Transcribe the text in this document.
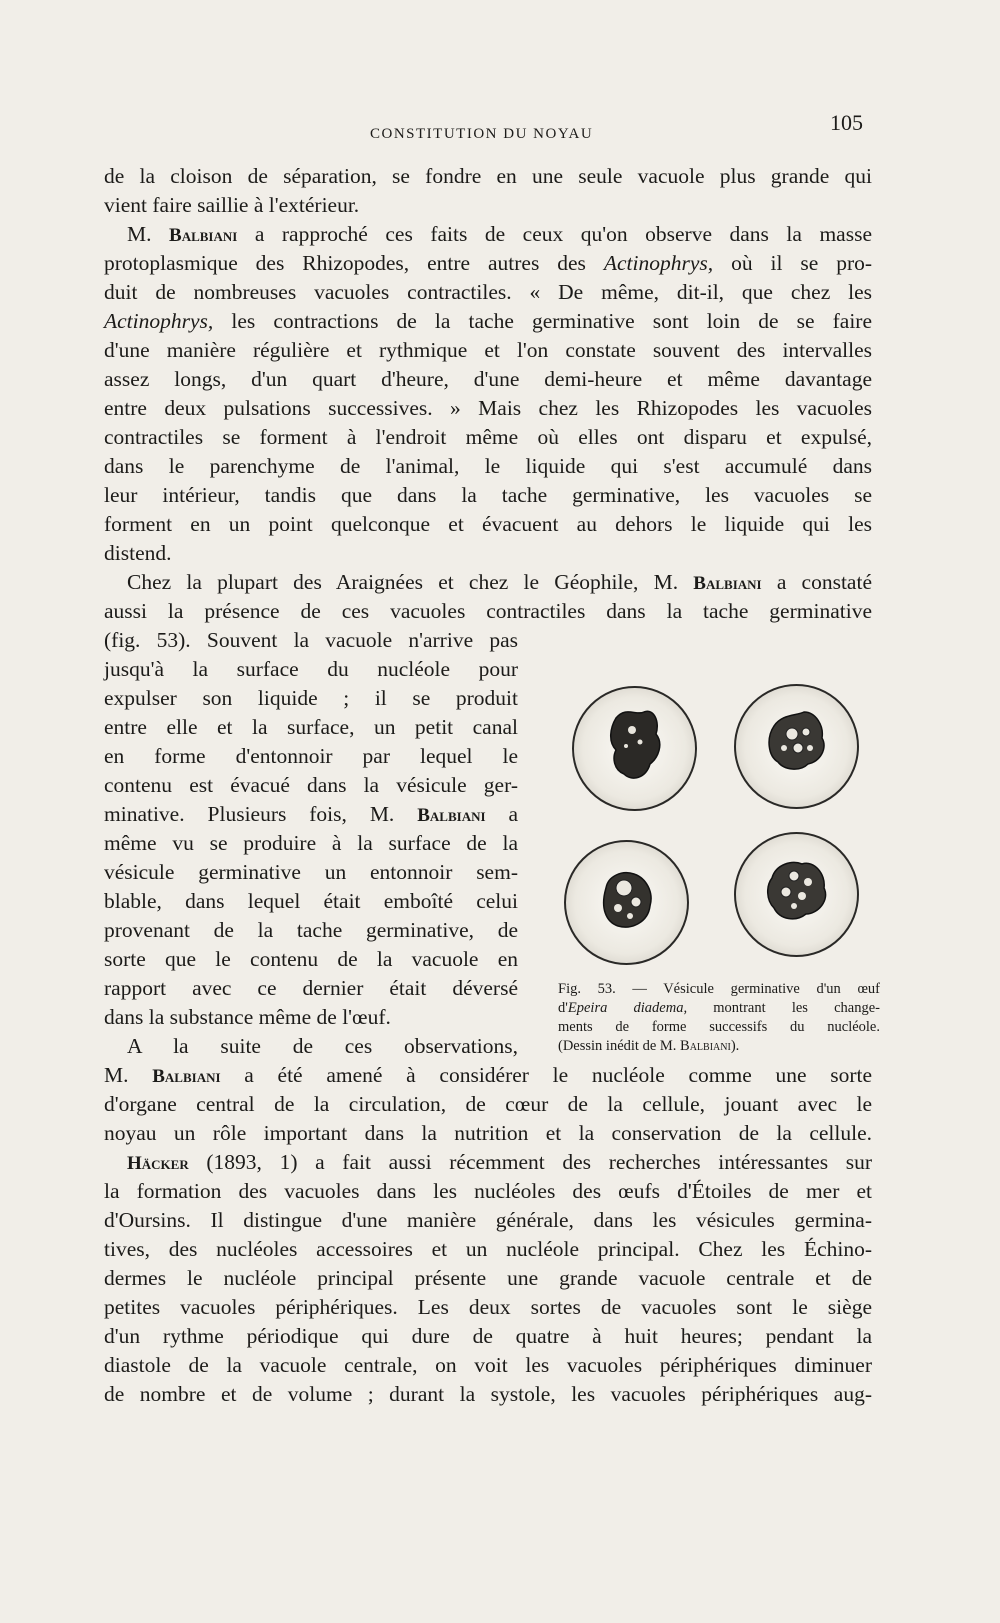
CONSTITUTION DU NOYAU	105
de la cloison de séparation, se fondre en une seule vacuole plus grande qui
vient faire saillie à l'extérieur.
M. Balbiani a rapproché ces faits de ceux qu'on observe dans la masse
protoplasmique des Rhizopodes, entre autres des Actinophrys, où il se pro-
duit de nombreuses vacuoles contractiles. « De même, dit-il, que chez les
Actinophrys, les contractions de la tache germinative sont loin de se faire
d'une manière régulière et rythmique et l'on constate souvent des intervalles
assez longs, d'un quart d'heure, d'une demi-heure et même davantage
entre deux pulsations successives. » Mais chez les Rhizopodes les vacuoles
contractiles se forment à l'endroit même où elles ont disparu et expulsé,
dans le parenchyme de l'animal, le liquide qui s'est accumulé dans
leur intérieur, tandis que dans la tache germinative, les vacuoles se
forment en un point quelconque et évacuent au dehors le liquide qui les
distend.
Chez la plupart des Araignées et chez le Géophile, M. Balbiani a constaté
aussi la présence de ces vacuoles contractiles dans la tache germinative
(fig. 53). Souvent la vacuole n'arrive pas
jusqu'à la surface du nucléole pour
expulser son liquide ; il se produit
entre elle et la surface, un petit canal
en forme d'entonnoir par lequel le
contenu est évacué dans la vésicule ger-
minative. Plusieurs fois, M. Balbiani a
même vu se produire à la surface de la
vésicule germinative un entonnoir sem-
blable, dans lequel était emboîté celui
provenant de la tache germinative, de
sorte que le contenu de la vacuole en
rapport avec ce dernier était déversé
dans la substance même de l'œuf.
A la suite de ces observations,
M. Balbiani a été amené à considérer le nucléole comme une sorte
d'organe central de la circulation, de cœur de la cellule, jouant avec le
noyau un rôle important dans la nutrition et la conservation de la cellule.
Häcker (1893, 1) a fait aussi récemment des recherches intéressantes sur
la formation des vacuoles dans les nucléoles des œufs d'Étoiles de mer et
d'Oursins. Il distingue d'une manière générale, dans les vésicules germina-
tives, des nucléoles accessoires et un nucléole principal. Chez les Échino-
dermes le nucléole principal présente une grande vacuole centrale et de
petites vacuoles périphériques. Les deux sortes de vacuoles sont le siège
d'un rythme périodique qui dure de quatre à huit heures; pendant la
diastole de la vacuole centrale, on voit les vacuoles périphériques diminuer
de nombre et de volume ; durant la systole, les vacuoles périphériques aug-
Fig. 53. — Vésicule germinative d'un œuf
d'Epeira diadema, montrant les change-
ments de forme successifs du nucléole.
(Dessin inédit de M. Balbiani).
